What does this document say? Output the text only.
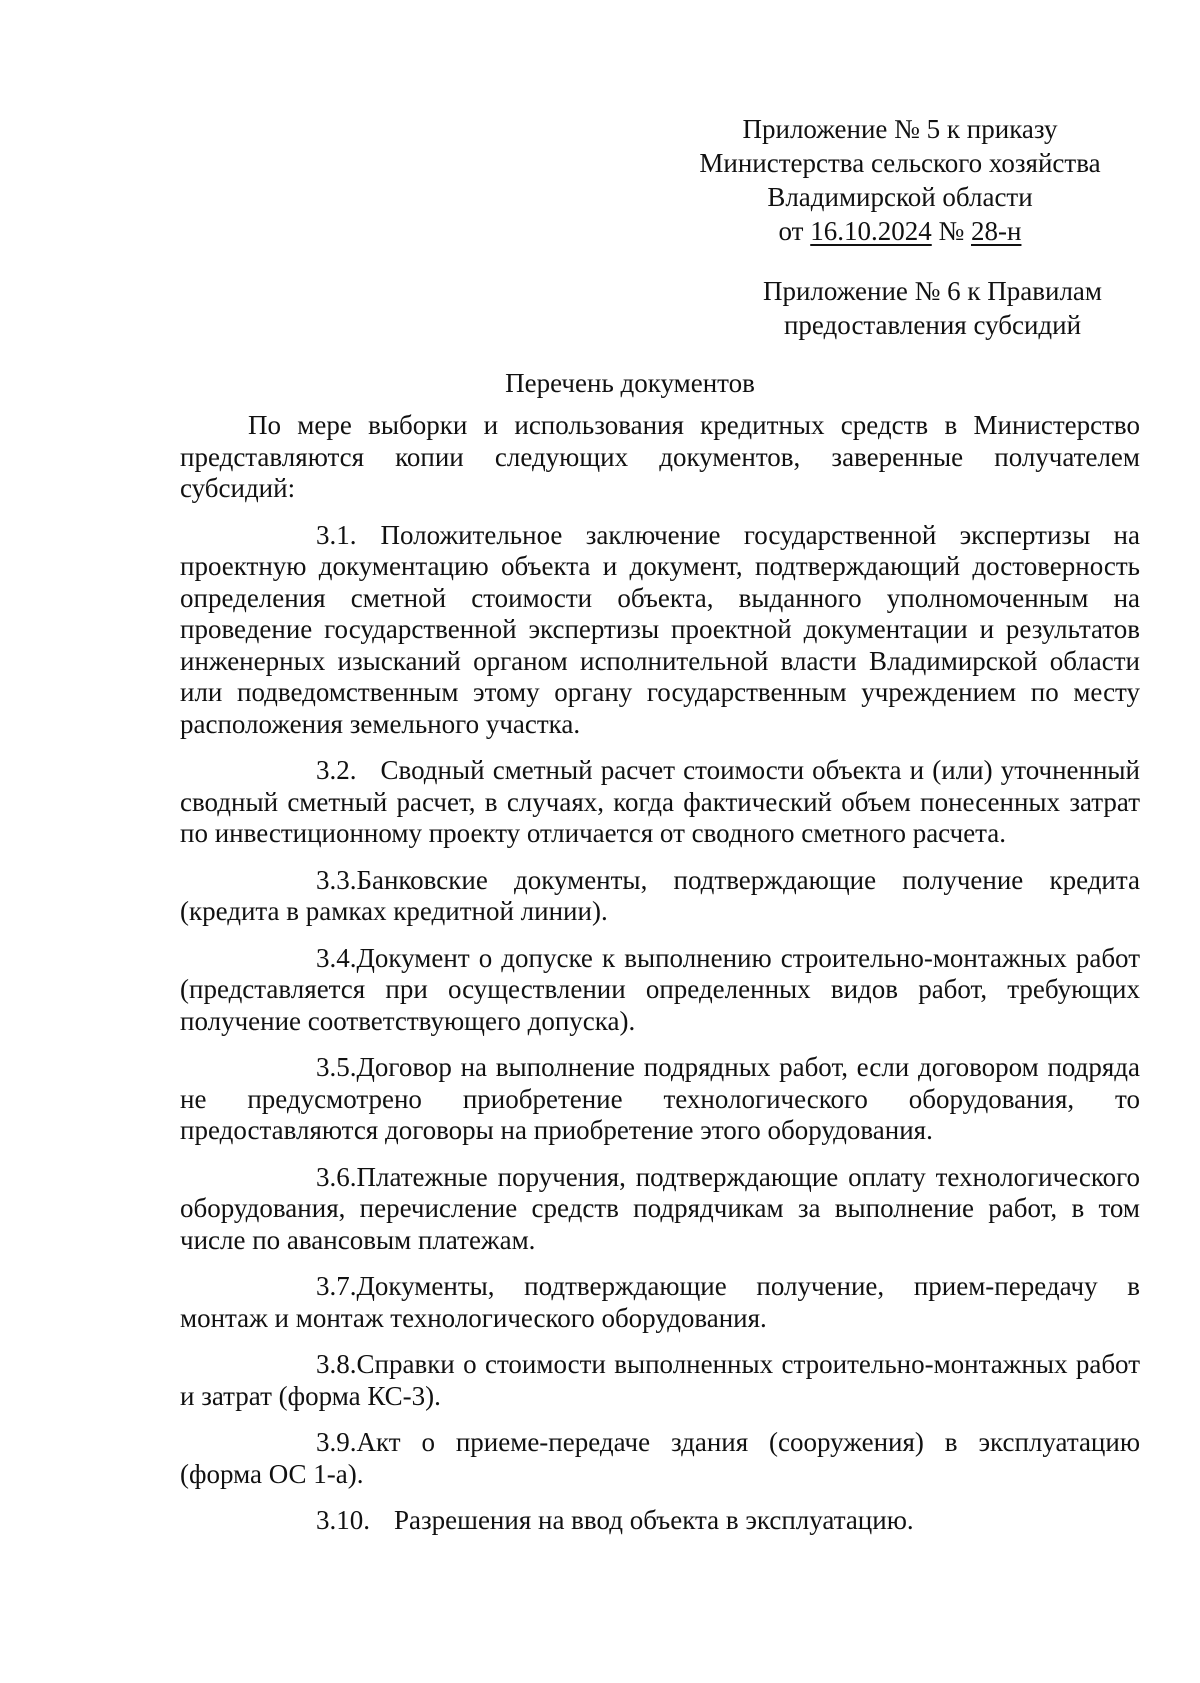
Приложение № 5 к приказу
Министерства сельского хозяйства
Владимирской области
от 16.10.2024 № 28-н
Приложение № 6 к Правилам
предоставления субсидий
Перечень документов

По мере выборки и использования кредитных средств в Министерство представляются копии следующих документов, заверенные получателем субсидий:

3.1. Положительное заключение государственной экспертизы на проектную документацию объекта и документ, подтверждающий достоверность определения сметной стоимости объекта, выданного уполномоченным на проведение государственной экспертизы проектной документации и результатов инженерных изысканий органом исполнительной власти Владимирской области или подведомственным этому органу государственным учреждением по месту расположения земельного участка.

3.2. Сводный сметный расчет стоимости объекта и (или) уточненный сводный сметный расчет, в случаях, когда фактический объем понесенных затрат по инвестиционному проекту отличается от сводного сметного расчета.

3.3.Банковские документы, подтверждающие получение кредита (кредита в рамках кредитной линии).

3.4.Документ о допуске к выполнению строительно-монтажных работ (представляется при осуществлении определенных видов работ, требующих получение соответствующего допуска).

3.5.Договор на выполнение подрядных работ, если договором подряда не предусмотрено приобретение технологического оборудования, то предоставляются договоры на приобретение этого оборудования.

3.6.Платежные поручения, подтверждающие оплату технологического оборудования, перечисление средств подрядчикам за выполнение работ, в том числе по авансовым платежам.

3.7.Документы, подтверждающие получение, прием-передачу в монтаж и монтаж технологического оборудования.

3.8.Справки о стоимости выполненных строительно-монтажных работ и затрат (форма КС-3).

3.9.Акт о приеме-передаче здания (сооружения) в эксплуатацию (форма ОС 1-а).

3.10. Разрешения на ввод объекта в эксплуатацию.
